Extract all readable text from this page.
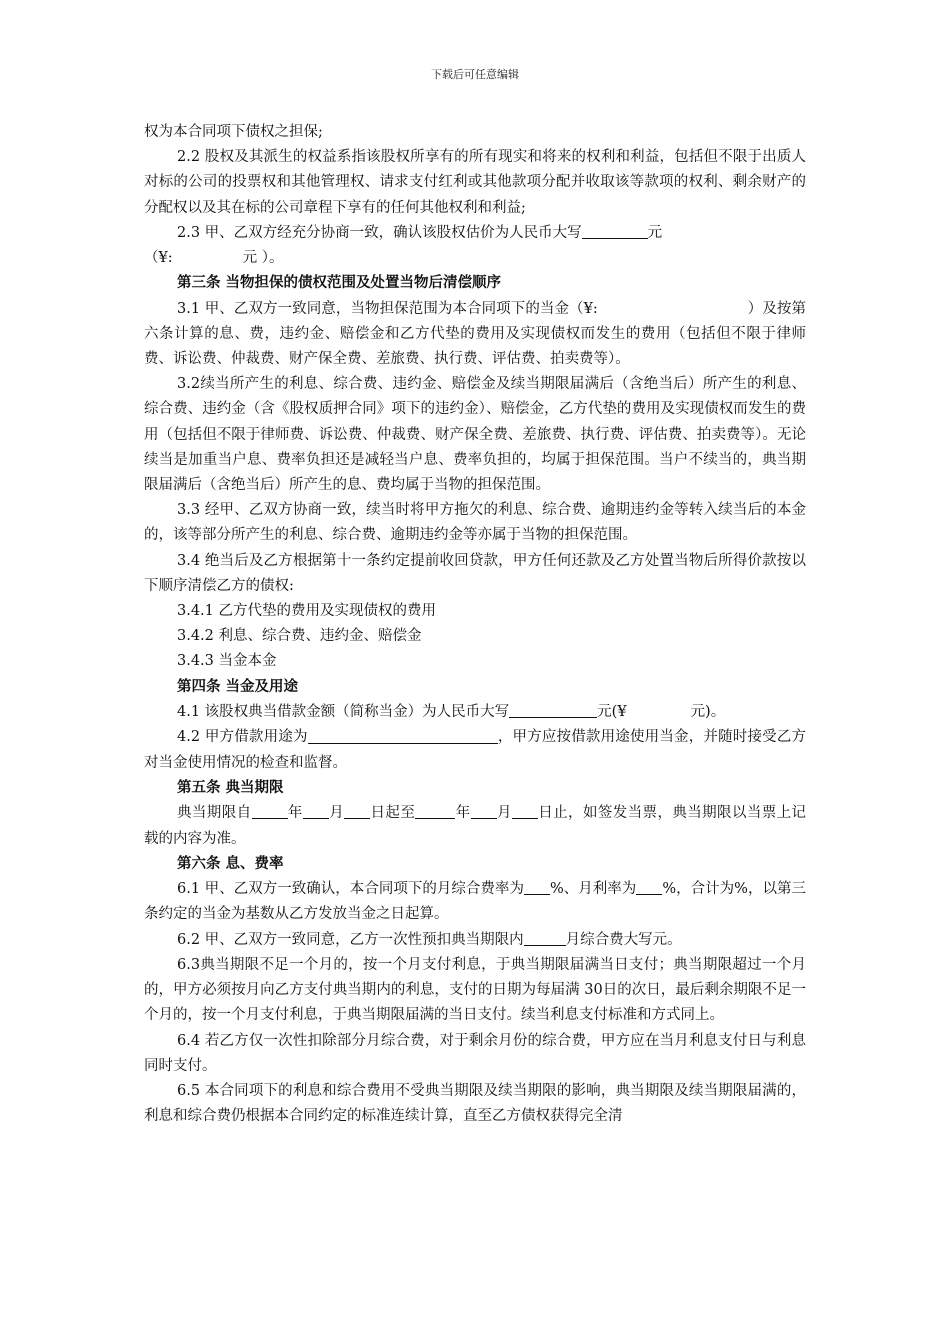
下载后可任意编辑

权为本合同项下债权之担保;

2.2 股权及其派生的权益系指该股权所享有的所有现实和将来的权利和利益，包括但不限于出质人对标的公司的投票权和其他管理权、请求支付红利或其他款项分配并收取该等款项的权利、剩余财产的分配权以及其在标的公司章程下享有的任何其他权利和利益;

2.3 甲、乙双方经充分协商一致，确认该股权估价为人民币大写	元
（¥:	元 ）。

第三条 当物担保的债权范围及处置当物后清偿顺序

3.1 甲、乙双方一致同意，当物担保范围为本合同项下的当金（¥:	）及按第六条计算的息、费，违约金、赔偿金和乙方代垫的费用及实现债权而发生的费用（包括但不限于律师费、诉讼费、仲裁费、财产保全费、差旅费、执行费、评估费、拍卖费等）。

3.2续当所产生的利息、综合费、违约金、赔偿金及续当期限届满后（含绝当后）所产生的利息、综合费、违约金（含《股权质押合同》项下的违约金）、赔偿金，乙方代垫的费用及实现债权而发生的费用（包括但不限于律师费、诉讼费、仲裁费、财产保全费、差旅费、执行费、评估费、拍卖费等）。无论续当是加重当户息、费率负担还是减轻当户息、费率负担的，均属于担保范围。当户不续当的，典当期限届满后（含绝当后）所产生的息、费均属于当物的担保范围。

3.3 经甲、乙双方协商一致，续当时将甲方拖欠的利息、综合费、逾期违约金等转入续当后的本金的，该等部分所产生的利息、综合费、逾期违约金等亦属于当物的担保范围。

3.4 绝当后及乙方根据第十一条约定提前收回贷款，甲方任何还款及乙方处置当物后所得价款按以下顺序清偿乙方的债权:

3.4.1 乙方代垫的费用及实现债权的费用

3.4.2 利息、综合费、违约金、赔偿金

3.4.3 当金本金

第四条 当金及用途

4.1 该股权典当借款金额（简称当金）为人民币大写	元(¥	元)。

4.2 甲方借款用途为	，甲方应按借款用途使用当金，并随时接受乙方对当金使用情况的检查和监督。

第五条 典当期限

典当期限自 年 月 日起至	年 月 日止，如签发当票，典当期限以当票上记载的内容为准。

第六条 息、费率

6.1 甲、乙双方一致确认，本合同项下的月综合费率为 %、月利率为 %，合计为%，以第三条约定的当金为基数从乙方发放当金之日起算。

6.2 甲、乙双方一致同意，乙方一次性预扣典当期限内	月综合费大写元。

6.3典当期限不足一个月的，按一个月支付利息，于典当期限届满当日支付；典当期限超过一个月的，甲方必须按月向乙方支付典当期内的利息，支付的日期为每届满 30日的次日，最后剩余期限不足一个月的，按一个月支付利息，于典当期限届满的当日支付。续当利息支付标准和方式同上。

6.4 若乙方仅一次性扣除部分月综合费，对于剩余月份的综合费，甲方应在当月利息支付日与利息同时支付。

6.5 本合同项下的利息和综合费用不受典当期限及续当期限的影响，典当期限及续当期限届满的，利息和综合费仍根据本合同约定的标准连续计算，直至乙方债权获得完全清
